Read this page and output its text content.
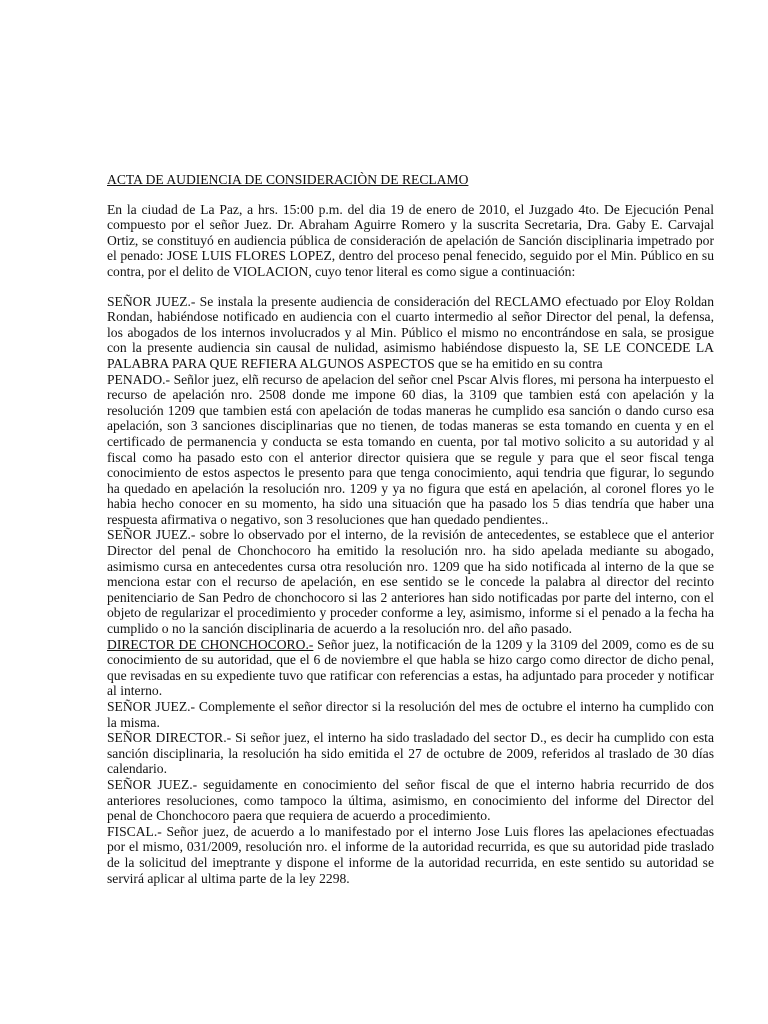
ACTA DE AUDIENCIA DE CONSIDERACIÒN DE RECLAMO

En la ciudad de La Paz, a hrs. 15:00 p.m. del dia 19 de enero de 2010, el Juzgado 4to. De Ejecución Penal compuesto por el señor Juez. Dr. Abraham Aguirre Romero y la suscrita Secretaria, Dra. Gaby E. Carvajal Ortiz, se constituyó en audiencia pública de consideración de apelación de Sanción disciplinaria impetrado por el penado: JOSE LUIS FLORES LOPEZ, dentro del proceso penal fenecido, seguido por el Min. Público en su contra, por el delito de VIOLACION, cuyo tenor literal es como sigue a continuación:

SEÑOR JUEZ.- Se instala la presente audiencia de consideración del RECLAMO efectuado por Eloy Roldan Rondan, habiéndose notificado en audiencia con el cuarto intermedio al señor Director del penal, la defensa, los abogados de los internos involucrados y al Min. Público el mismo no encontrándose en sala, se prosigue con la presente audiencia sin causal de nulidad, asimismo habiéndose dispuesto la, SE LE CONCEDE LA PALABRA PARA QUE REFIERA ALGUNOS ASPECTOS que se ha emitido en su contra

PENADO.- Señlor juez, elñ recurso de apelacion del señor cnel Pscar Alvis flores, mi persona ha interpuesto el recurso de apelación nro. 2508 donde me impone 60 dias, la 3109 que tambien está con apelación y la resolución 1209 que tambien está con apelación de todas maneras he cumplido esa sanción o dando curso esa apelación, son 3 sanciones disciplinarias que no tienen, de todas maneras se esta tomando en cuenta y en el certificado de permanencia y conducta se esta tomando en cuenta, por tal motivo solicito a su autoridad y al fiscal como ha pasado esto con el anterior director quisiera que se regule y para que el seor fiscal tenga conocimiento de estos aspectos le presento para que tenga conocimiento, aqui tendria que figurar, lo segundo ha quedado en apelación la resolución nro. 1209 y ya no figura que está en apelación, al coronel flores yo le habia hecho conocer en su momento, ha sido una situación que ha pasado los 5 dias tendría que haber una respuesta afirmativa o negativo, son 3 resoluciones que han quedado pendientes..

SEÑOR JUEZ.- sobre lo observado por el interno, de la revisión de antecedentes, se establece que el anterior Director del penal de Chonchocoro ha emitido la resolución nro. ha sido apelada mediante su abogado, asimismo cursa en antecedentes cursa otra resolución nro. 1209 que ha sido notificada al interno de la que se menciona estar con el recurso de apelación, en ese sentido se le concede la palabra al director del recinto penitenciario de San Pedro de chonchocoro si las 2 anteriores han sido notificadas por parte del interno, con el objeto de regularizar el procedimiento y proceder conforme a ley, asimismo, informe si el penado a la fecha ha cumplido o no la sanción disciplinaria de acuerdo a la resolución nro. del año pasado.

DIRECTOR DE CHONCHOCORO.- Señor juez, la notificación de la 1209 y la 3109 del 2009, como es de su conocimiento de su autoridad, que el 6 de noviembre el que habla se hizo cargo como director de dicho penal, que revisadas en su expediente tuvo que ratificar con referencias a estas, ha adjuntado para proceder y notificar al interno.

SEÑOR JUEZ.- Complemente el señor director si la resolución del mes de octubre el interno ha cumplido con la misma.

SEÑOR DIRECTOR.- Si señor juez, el interno ha sido trasladado del sector D., es decir ha cumplido con esta sanción disciplinaria, la resolución ha sido emitida el 27 de octubre de 2009, referidos al traslado de 30 días calendario.

SEÑOR JUEZ.- seguidamente en conocimiento del señor fiscal de que el interno habria recurrido de dos anteriores resoluciones, como tampoco la última, asimismo, en conocimiento del informe del Director del penal de Chonchocoro paera que requiera de acuerdo a procedimiento.

FISCAL.- Señor juez, de acuerdo a lo manifestado por el interno Jose Luis flores las apelaciones efectuadas por el mismo, 031/2009, resolución nro. el informe de la autoridad recurrida, es que su autoridad pide traslado de la solicitud del imeptrante y dispone el informe de la autoridad recurrida, en este sentido su autoridad se servirá aplicar al ultima parte de la ley 2298.
